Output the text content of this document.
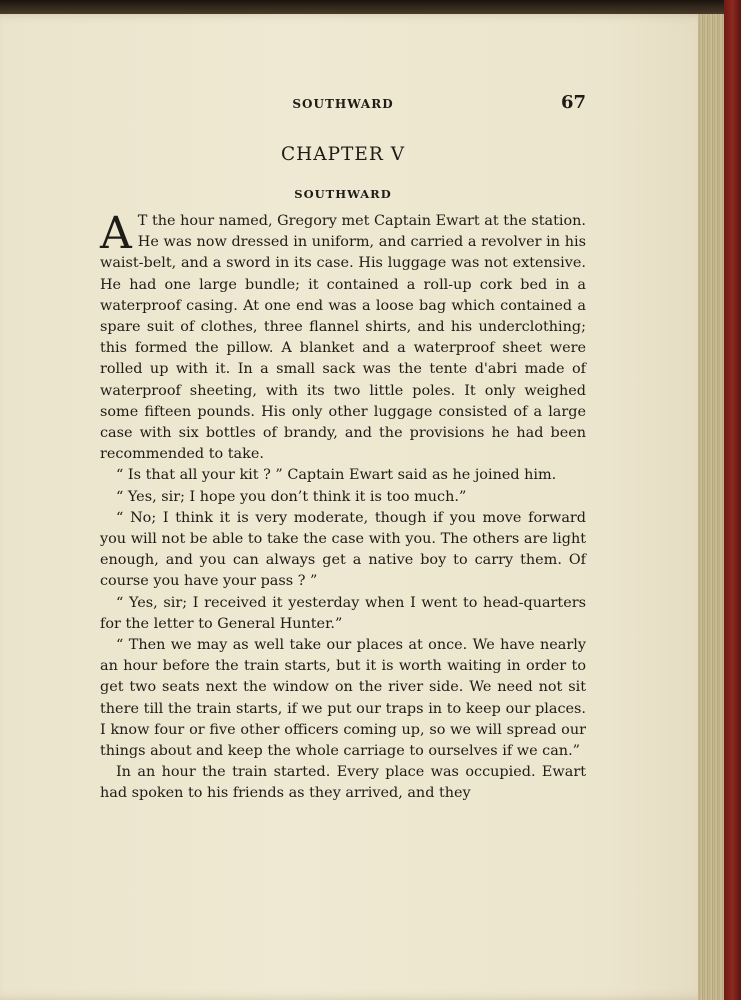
SOUTHWARD	67
CHAPTER V
SOUTHWARD

A T the hour named, Gregory met Captain Ewart at the station. He was now dressed in uniform, and carried a revolver in his waist-belt, and a sword in its case. His luggage was not extensive. He had one large bundle; it contained a roll-up cork bed in a waterproof casing. At one end was a loose bag which contained a spare suit of clothes, three flannel shirts, and his underclothing; this formed the pillow. A blanket and a waterproof sheet were rolled up with it. In a small sack was the tente d'abri made of waterproof sheeting, with its two little poles. It only weighed some fifteen pounds. His only other luggage consisted of a large case with six bottles of brandy, and the provisions he had been recommended to take.

“ Is that all your kit ? ” Captain Ewart said as he joined him.

“ Yes, sir; I hope you don’t think it is too much.”

“ No; I think it is very moderate, though if you move forward you will not be able to take the case with you. The others are light enough, and you can always get a native boy to carry them. Of course you have your pass ? ”

“ Yes, sir; I received it yesterday when I went to head-quarters for the letter to General Hunter.”

“ Then we may as well take our places at once. We have nearly an hour before the train starts, but it is worth waiting in order to get two seats next the window on the river side. We need not sit there till the train starts, if we put our traps in to keep our places. I know four or five other officers coming up, so we will spread our things about and keep the whole carriage to ourselves if we can.”

In an hour the train started. Every place was occupied. Ewart had spoken to his friends as they arrived, and they
